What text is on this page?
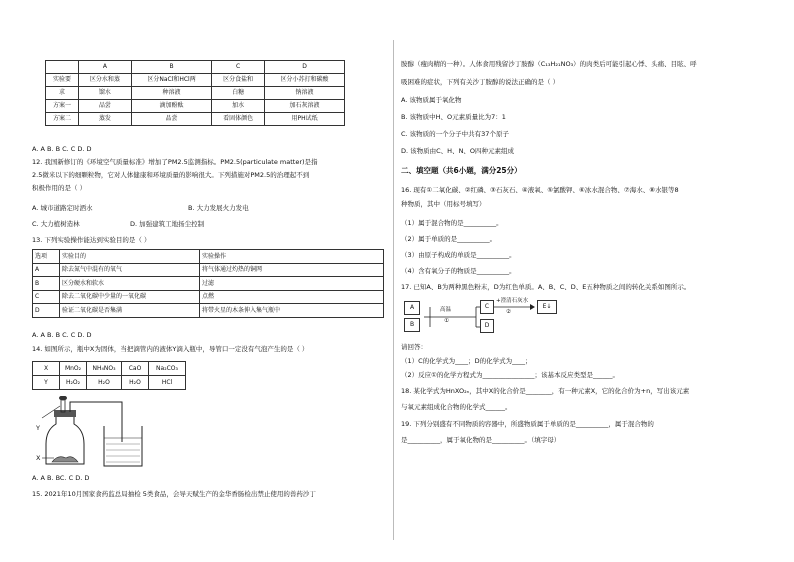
	A	B	C	D
实验要	区分水和蒸	区分NaCl和HCl两	区分食盐和	区分小苏打和碳酸
求	馏水	种溶液	白糖	钠溶液
方案一	品尝	滴加酚酞	加水	加石灰溶液
方案二	蒸发	品尝	看固体颜色	用PH试纸
A. A B. B C. C D. D
12. 我国新修订的《环境空气质量标准》增加了PM2.5监测指标。PM2.5(particulate matter)是指
2.5微米以下的细颗粒物，它对人体健康和环境质量的影响很大。下列措施对PM2.5的治理起不到
积极作用的是（ ）
A. 城市道路定时洒水	B. 大力发展火力发电
C. 大力植树造林	D. 加强建筑工地扬尘控制
13. 下列实验操作能达到实验目的是（ ）
选项	实验目的	实验操作
A	除去氮气中混有的氧气	将气体通过灼热的铜网
B	区分硬水和软水	过滤
C	除去二氧化碳中少量的一氧化碳	点燃
D	验证二氧化碳是否集满	将带火星的木条伸入集气瓶中
A. A B. B C. C D. D
14. 如图所示，瓶中X为固体，当把滴管内的液体Y滴入瓶中，导管口一定没有气泡产生的是（ ）
X	MnO₂	NH₄NO₃	CaO	Na₂CO₃
Y	H₂O₂	H₂O	H₂O	HCl
Y
X
A. A B. BC. C D. D
15. 2021年10月国家食药监总局抽检 5类食品，会导天赋生产的金华香肠检出禁止使用的兽药沙丁
胺醇（瘦肉精的一种）。人体食用残留沙丁胺醇（C₁₃H₂₁NO₃）的肉类后可能引起心悸、头痛、目眩、呼
吸困难的症状，下列有关沙丁胺醇的说法正确的是（ ）
A. 该物质属于氧化物
B. 该物质中H、O元素质量比为7：1
C. 该物质的一个分子中共有37个原子
D. 该物质由C、H、N、O四种元素组成
二、填空题（共6小题，满分25分）
16. 现有①二氧化碳、②红磷、③石灰石、④液氧、⑤氯酸钾、⑥冰水混合物、⑦海水、⑧水银等8
种物质，其中（用标号填写）
（1）属于混合物的是__________。
（2）属于单质的是__________。
（3）由原子构成的单质是__________。
（4）含有氧分子的物质是__________。
17. 已知A、B为两种黑色粉末，D为红色单质。A、B、C、D、E五种物质之间的转化关系如图所示。
A
B
高温
①
C
D
+澄清石灰水
②
E↓
请回答：
（1）C的化学式为____；D的化学式为____；
（2）反应①的化学方程式为________________；该基本反应类型是______。
18. 某化学式为HnXO₂ₙ，其中X的化合价是________，有一种元素X，它的化合价为+n，写出该元素
与氧元素组成化合物的化学式______。
19. 下列分别盛有不同物质的容器中，所盛物质属于单质的是__________，属于混合物的
是__________，属于氧化物的是__________。（填字母）
